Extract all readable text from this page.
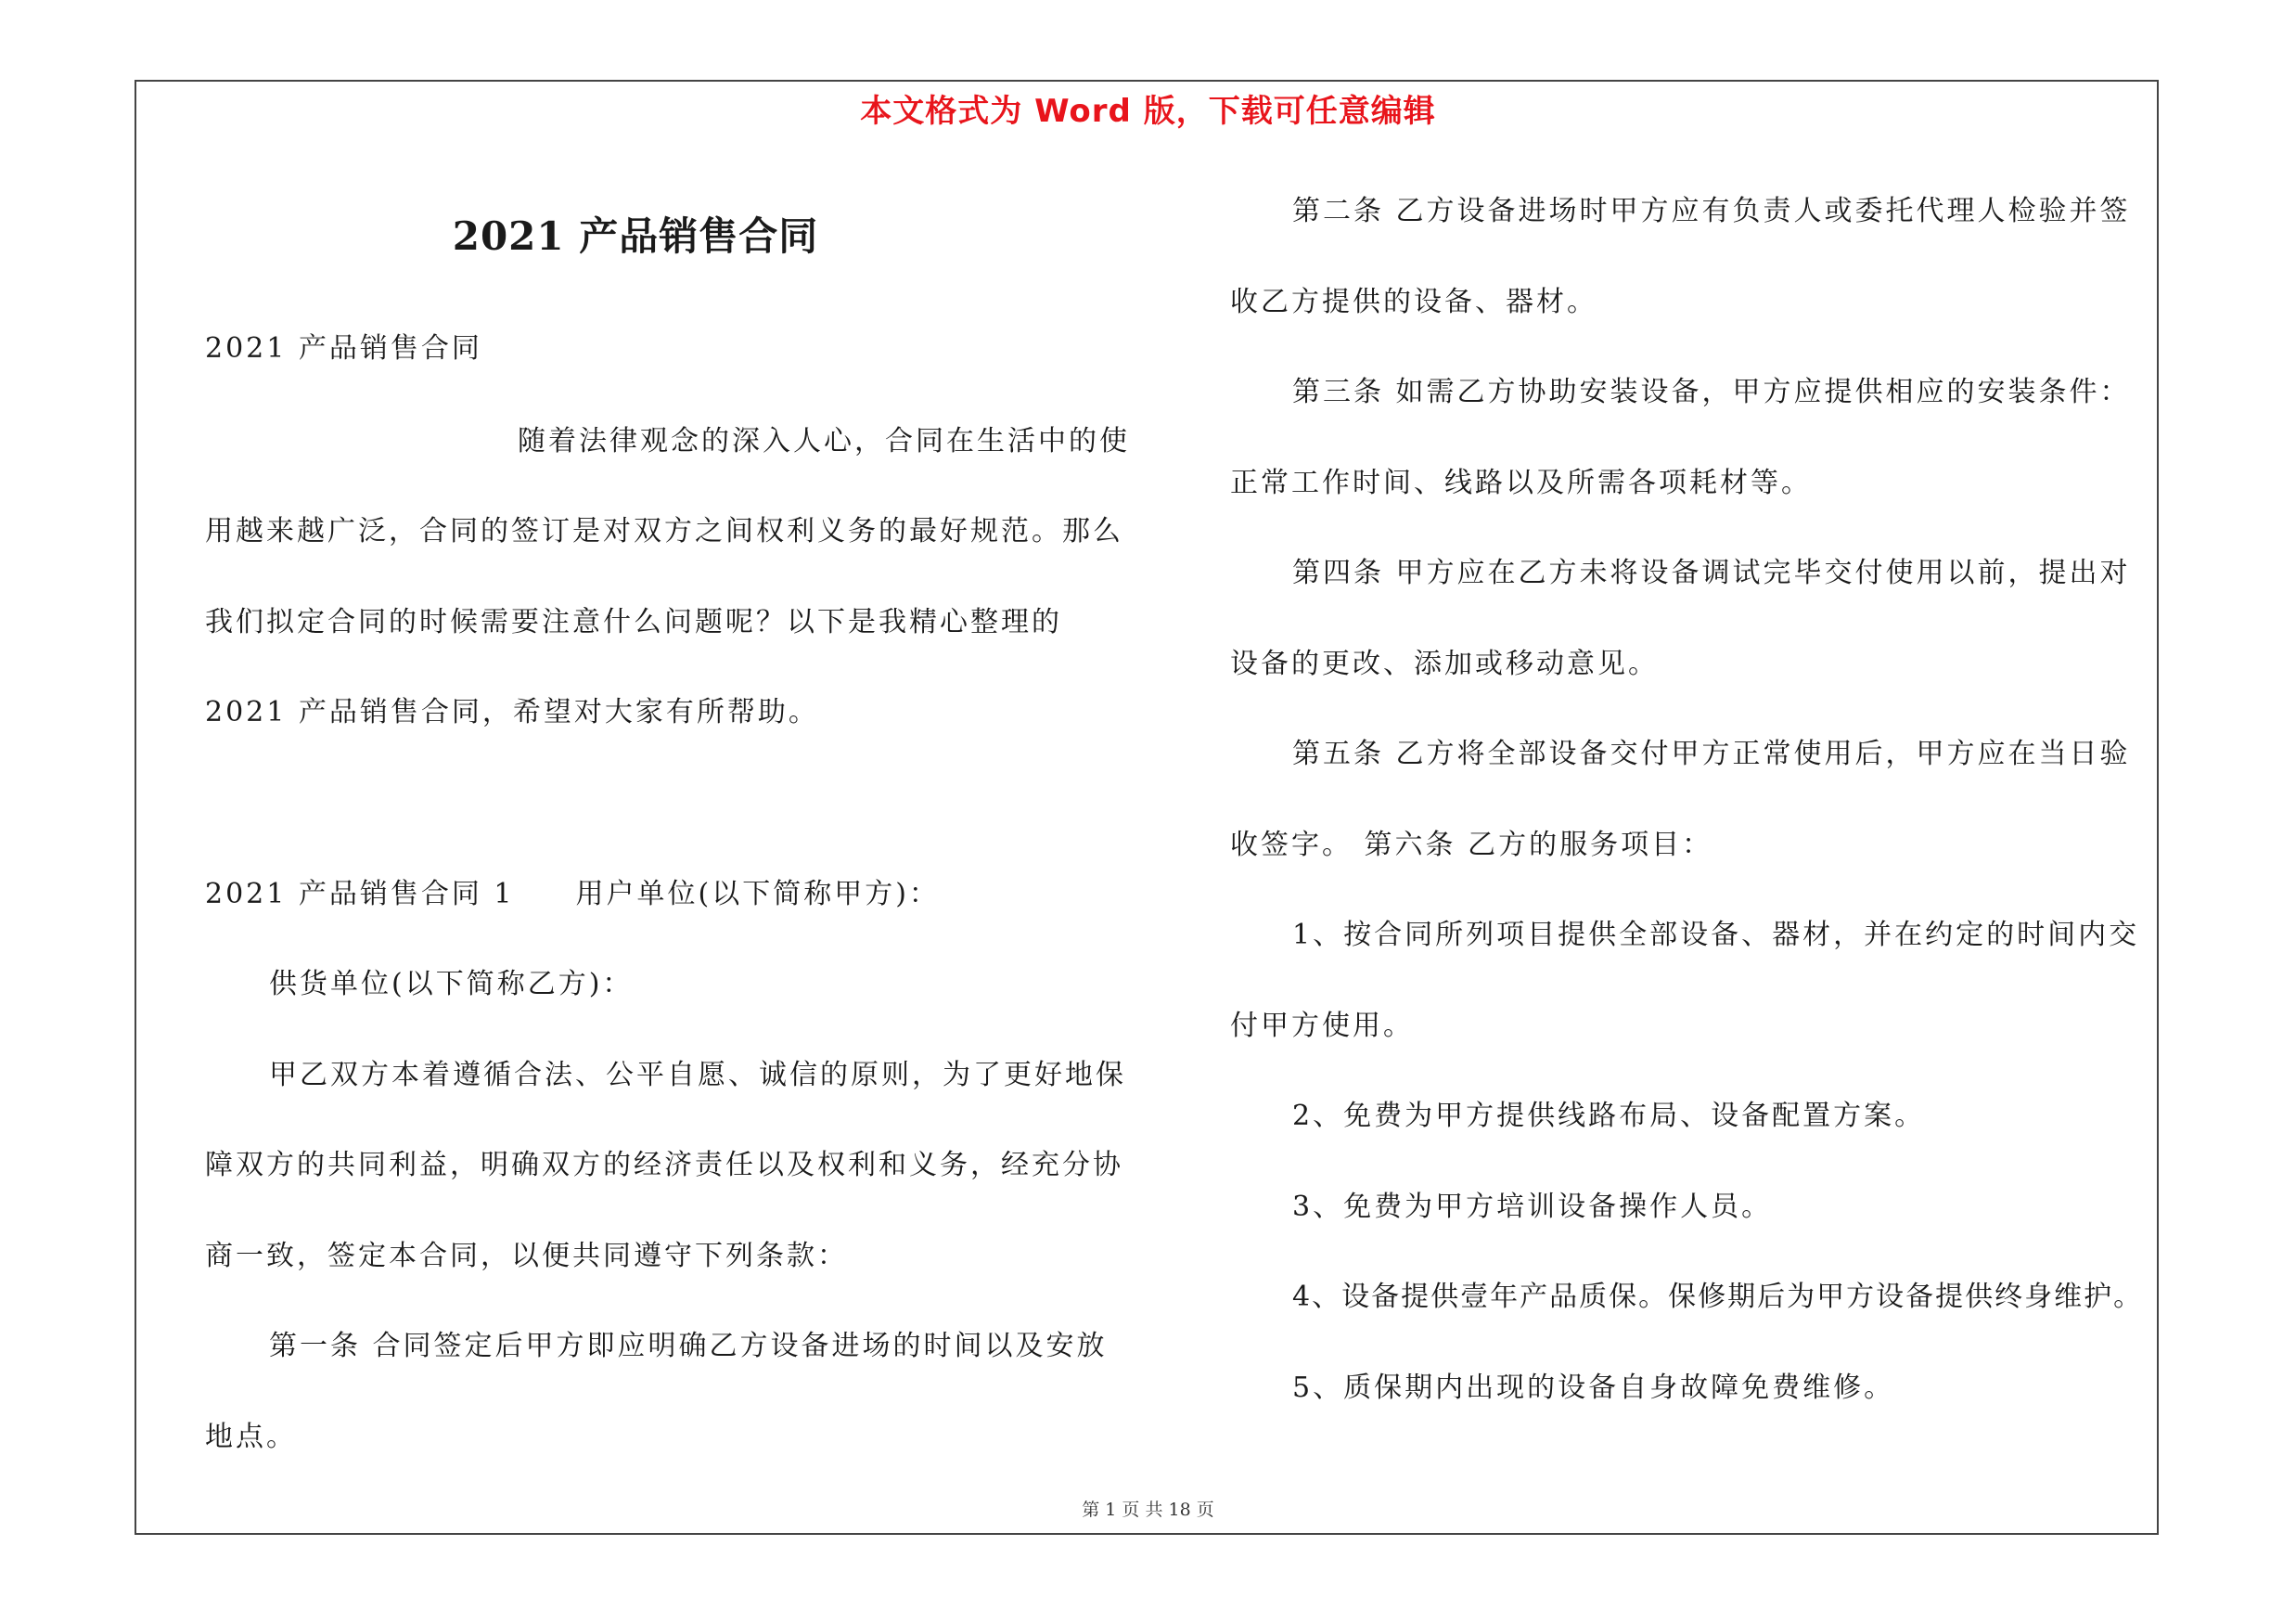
本文格式为 Word 版，下载可任意编辑
2021 产品销售合同
2021 产品销售合同
随着法律观念的深入人心，合同在生活中的使
用越来越广泛，合同的签订是对双方之间权利义务的最好规范。那么
我们拟定合同的时候需要注意什么问题呢？以下是我精心整理的
2021 产品销售合同，希望对大家有所帮助。
2021 产品销售合同 1　　用户单位(以下简称甲方)：
供货单位(以下简称乙方)：
甲乙双方本着遵循合法、公平自愿、诚信的原则，为了更好地保
障双方的共同利益，明确双方的经济责任以及权利和义务，经充分协
商一致，签定本合同，以便共同遵守下列条款：
第一条 合同签定后甲方即应明确乙方设备进场的时间以及安放
地点。
第二条 乙方设备进场时甲方应有负责人或委托代理人检验并签
收乙方提供的设备、器材。
第三条 如需乙方协助安装设备，甲方应提供相应的安装条件：
正常工作时间、线路以及所需各项耗材等。
第四条 甲方应在乙方未将设备调试完毕交付使用以前，提出对
设备的更改、添加或移动意见。
第五条 乙方将全部设备交付甲方正常使用后，甲方应在当日验
收签字。 第六条 乙方的服务项目：
1、按合同所列项目提供全部设备、器材，并在约定的时间内交
付甲方使用。
2、免费为甲方提供线路布局、设备配置方案。
3、免费为甲方培训设备操作人员。
4、设备提供壹年产品质保。保修期后为甲方设备提供终身维护。
5、质保期内出现的设备自身故障免费维修。
第 1 页 共 18 页
